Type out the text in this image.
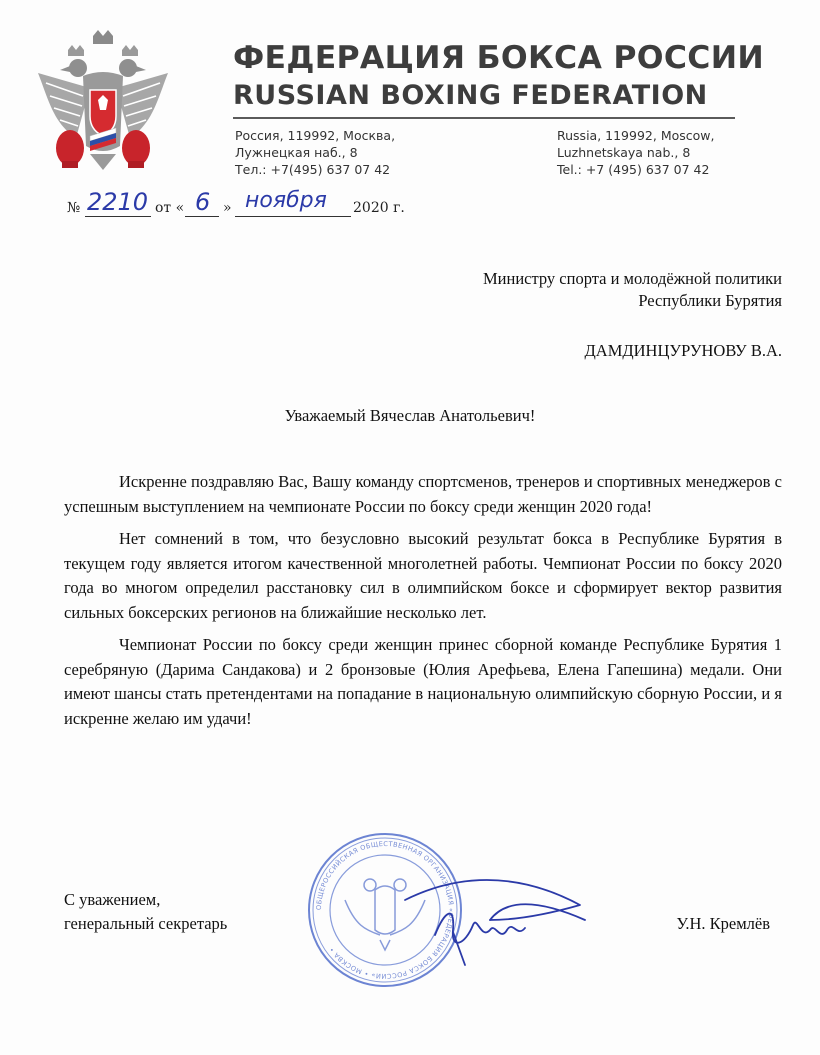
ФЕДЕРАЦИЯ БОКСА РОССИИ
RUSSIAN BOXING FEDERATION
Россия, 119992, Москва,
Лужнецкая наб., 8
Тел.: +7(495) 637 07 42
Russia, 119992, Moscow,
Luzhnetskaya nab., 8
Tel.: +7 (495) 637 07 42
№ 2210 от « 6 » ноября 2020 г.
Министру спорта и молодёжной политики
Республики Бурятия
ДАМДИНЦУРУНОВУ В.А.
Уважаемый Вячеслав Анатольевич!

Искренне поздравляю Вас, Вашу команду спортсменов, тренеров и спортивных менеджеров с успешным выступлением на чемпионате России по боксу среди женщин 2020 года!

Нет сомнений в том, что безусловно высокий результат бокса в Республике Бурятия в текущем году является итогом качественной многолетней работы. Чемпионат России по боксу 2020 года во многом определил расстановку сил в олимпийском боксе и сформирует вектор развития сильных боксерских регионов на ближайшие несколько лет.

Чемпионат России по боксу среди женщин принес сборной команде Республике Бурятия 1 серебряную (Дарима Сандакова) и 2 бронзовые (Юлия Арефьева, Елена Гапешина) медали. Они имеют шансы стать претендентами на попадание в национальную олимпийскую сборную России, и я искренне желаю им удачи!

ОБЩЕРОССИЙСКАЯ ОБЩЕСТВЕННАЯ ОРГАНИЗАЦИЯ «ФЕДЕРАЦИЯ БОКСА РОССИИ» • МОСКВА •
С уважением,
генеральный секретарь	У.Н. Кремлёв
